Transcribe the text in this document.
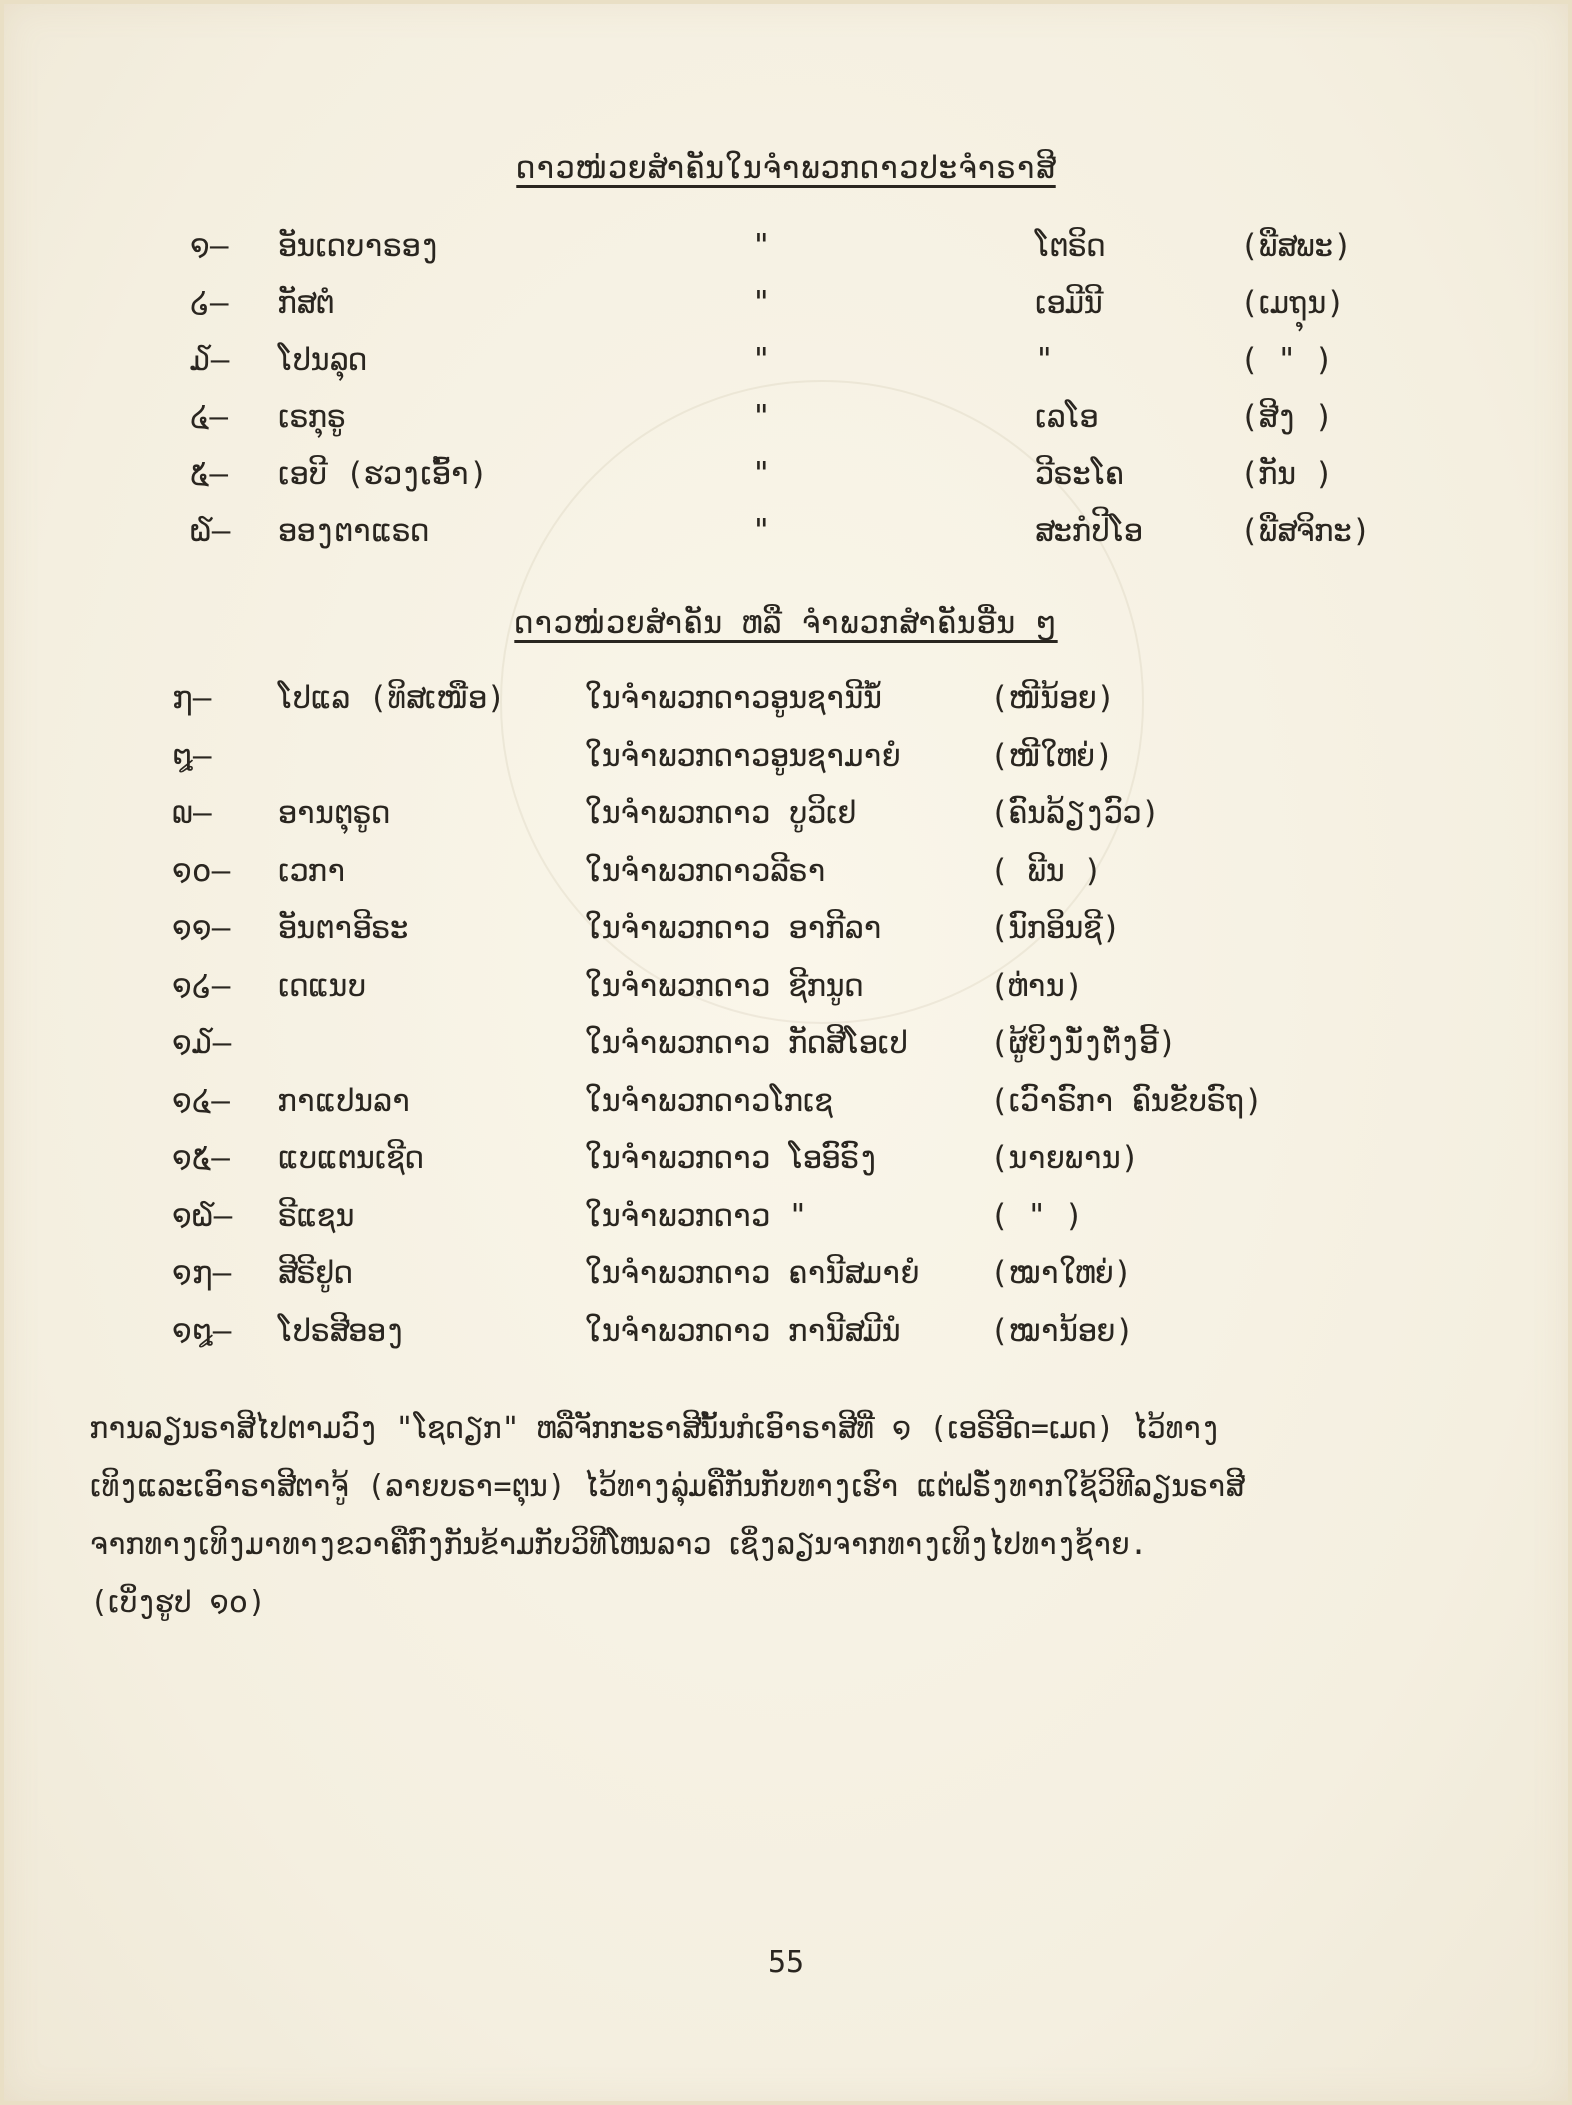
ດາວໜ່ວຍສຳຄັນໃນຈຳພວກດາວປະຈຳຣາສີ
໑– ອັນເດບາຣອງ	"	ໂຕຣິດ	(ພືສພະ)
໒– ກັສຕໍ	"	ເອມີນີ	(ເມຖຸນ)
໓– ໂປນລຸດ	"	"	( " )
໔– ເຣກຸຣູ	"	ເລໂອ	(ສີງ )
໕– ເອບີ (ຮວງເອົ້າ)	"	ວີຣະໂຄ	(ກັນ )
໖– ອອງຕາແຣດ	"	ສະກໍປີໂອ	(ພືສຈິກະ)
ດາວໜ່ວຍສຳຄັນ ຫລື ຈຳພວກສຳຄັນອື່ນ ໆ
໗– ໂປແລ (ທິສເໜືອ)	ໃນຈຳພວກດາວອູນຊານີນ້ໍ	(ໜີນ້ອຍ)
໘–	ໃນຈຳພວກດາວອູນຊາມາຍໍ	(ໜີໃຫຍ່)
໙– ອານຕຸຣູດ	ໃນຈຳພວກດາວ ບູວິເຢ	(ຄົນລ້ຽງວົວ)
໑໐– ເວກາ	ໃນຈຳພວກດາວລີຣາ	( ພີນ )
໑໑– ອັນຕາອີຣະ	ໃນຈຳພວກດາວ ອາກີລາ	(ນົກອິນຊີ)
໑໒– ເດແນບ	ໃນຈຳພວກດາວ ຊີກນູດ	(ຫ່ານ)
໑໓–	ໃນຈຳພວກດາວ ກັດສີໂອເປ	(ຜູ້ຍິງນັ່ງຕັ່ງອີ້)
໑໔– ກາແປນລາ	ໃນຈຳພວກດາວໂກເຊ	(ເວົາຣົກາ ຄົນຂັບຣົຖ)
໑໕– ແບແຕນເຊີດ	ໃນຈຳພວກດາວ ໂອອົຣົງ	(ນາຍພານ)
໑໖– ຣີແຊນ	ໃນຈຳພວກດາວ "	( " )
໑໗– ສີຣີຢູດ	ໃນຈຳພວກດາວ ຄານີສມາຍໍ (ໝາໃຫຍ່)
໑໘– ໂປຣສີອອງ	ໃນຈຳພວກດາວ ການີສມີນໍ	(ໝານ້ອຍ)
ການລຽນຣາສີໄປຕາມວົງ "ໂຊດຽກ" ຫລືຈັກກະຣາສີນັ້ນກໍເອົາຣາສີທີ່ ໑ (ເອຣີອີດ=ເມດ) ໄວ້ທາງ
ເທິງແລະເອົາຣາສີຕາຈູ້ (ລາຍບຣາ=ຕຸນ) ໄວ້ທາງລຸ່ມຄືກັນກັບທາງເຮົາ ແຕ່ຝຣັ່ງທາກໃຊ້ວິທີລຽນຣາສີ
ຈາກທາງເທິງມາທາງຂວາຄືກົງກັນຂ້າມກັບວິທີໂຫນລາວ ເຊິ່ງລຽນຈາກທາງເທິງໄປທາງຊ້າຍ.
(ເບິ່ງຮູປ ໑໐)
55
